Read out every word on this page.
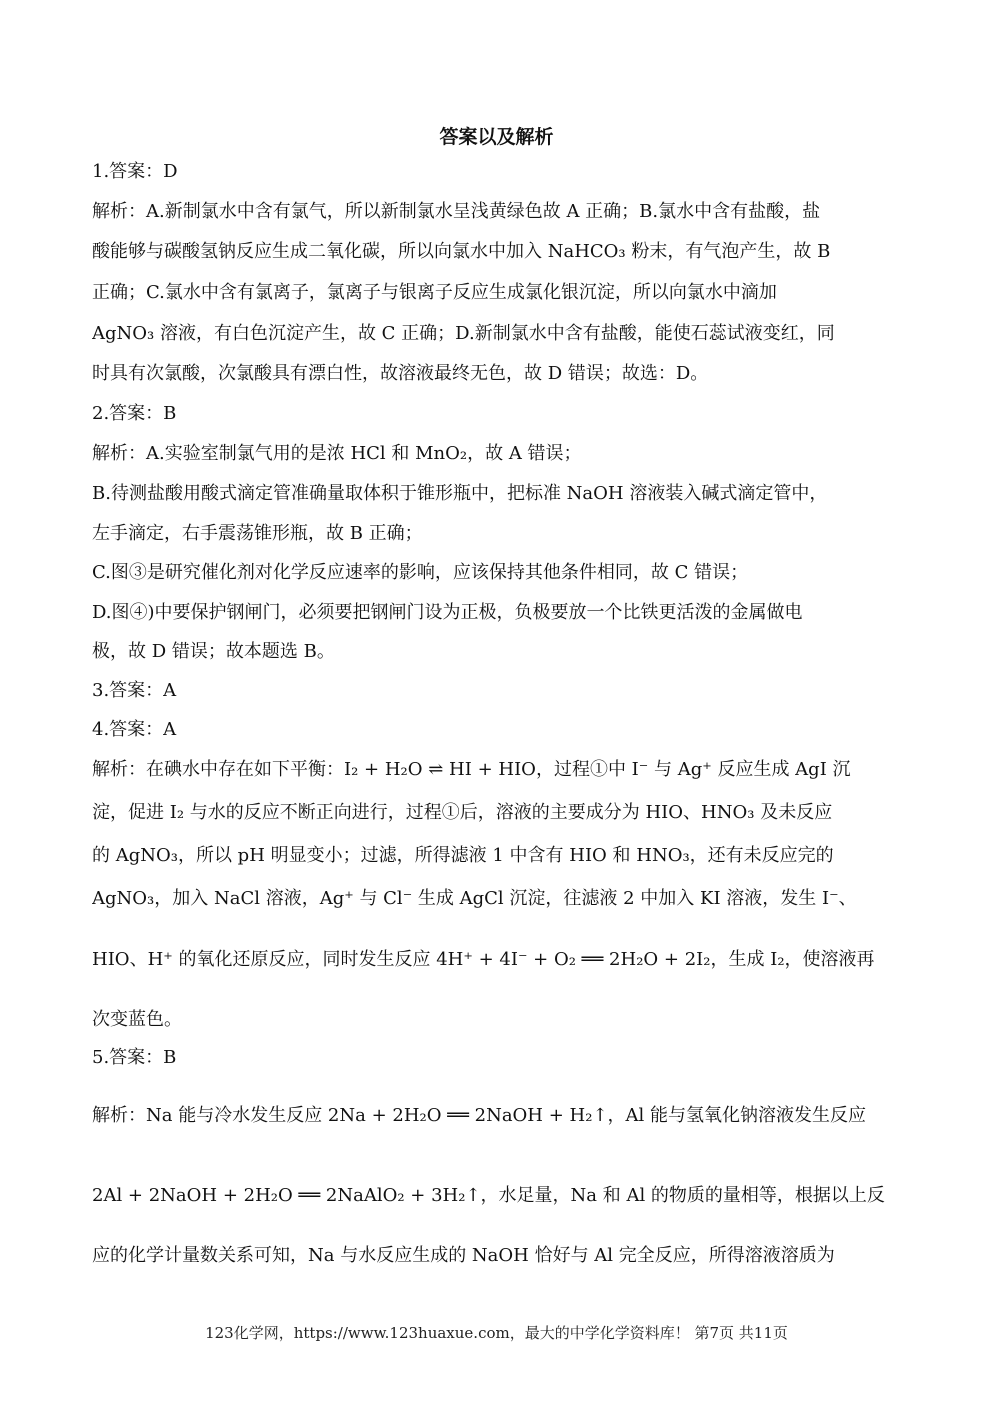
答案以及解析
1.答案：D
解析：A.新制氯水中含有氯气，所以新制氯水呈浅黄绿色故 A 正确；B.氯水中含有盐酸，盐
酸能够与碳酸氢钠反应生成二氧化碳，所以向氯水中加入 NaHCO₃ 粉末，有气泡产生，故 B
正确；C.氯水中含有氯离子，氯离子与银离子反应生成氯化银沉淀，所以向氯水中滴加
AgNO₃ 溶液，有白色沉淀产生，故 C 正确；D.新制氯水中含有盐酸，能使石蕊试液变红，同
时具有次氯酸，次氯酸具有漂白性，故溶液最终无色，故 D 错误；故选：D。
2.答案：B
解析：A.实验室制氯气用的是浓 HCl 和 MnO₂，故 A 错误；
B.待测盐酸用酸式滴定管准确量取体积于锥形瓶中，把标准 NaOH 溶液装入碱式滴定管中，
左手滴定，右手震荡锥形瓶，故 B 正确；
C.图③是研究催化剂对化学反应速率的影响，应该保持其他条件相同，故 C 错误；
D.图④)中要保护钢闸门，必须要把钢闸门设为正极，负极要放一个比铁更活泼的金属做电
极，故 D 错误；故本题选 B。
3.答案：A
4.答案：A
解析：在碘水中存在如下平衡：I₂ + H₂O ⇌ HI + HIO，过程①中 I⁻ 与 Ag⁺ 反应生成 AgI 沉
淀，促进 I₂ 与水的反应不断正向进行，过程①后，溶液的主要成分为 HIO、HNO₃ 及未反应
的 AgNO₃，所以 pH 明显变小；过滤，所得滤液 1 中含有 HIO 和 HNO₃，还有未反应完的
AgNO₃，加入 NaCl 溶液，Ag⁺ 与 Cl⁻ 生成 AgCl 沉淀，往滤液 2 中加入 KI 溶液，发生 I⁻、
HIO、H⁺ 的氧化还原反应，同时发生反应 4H⁺ + 4I⁻ + O₂ ══ 2H₂O + 2I₂，生成 I₂，使溶液再
次变蓝色。
5.答案：B
解析：Na 能与冷水发生反应 2Na + 2H₂O ══ 2NaOH + H₂↑，Al 能与氢氧化钠溶液发生反应
2Al + 2NaOH + 2H₂O ══ 2NaAlO₂ + 3H₂↑，水足量，Na 和 Al 的物质的量相等，根据以上反
应的化学计量数关系可知，Na 与水反应生成的 NaOH 恰好与 Al 完全反应，所得溶液溶质为
123化学网，https://www.123huaxue.com，最大的中学化学资料库！ 第7页 共11页
